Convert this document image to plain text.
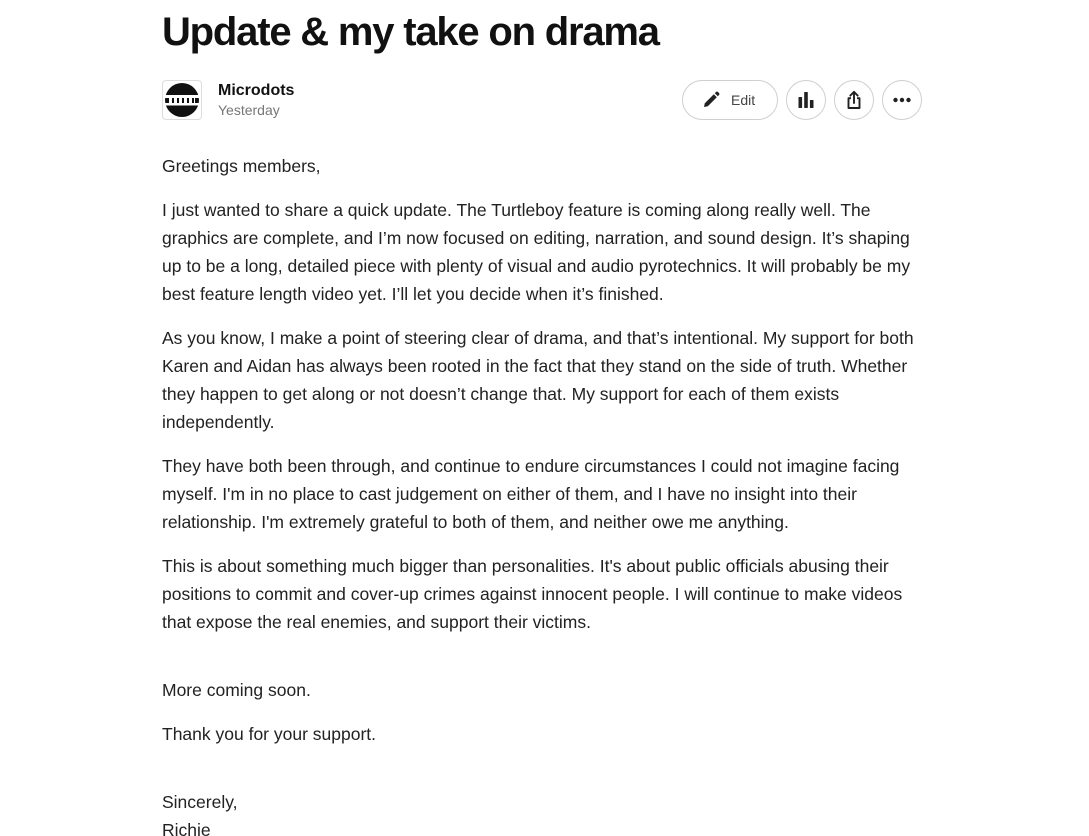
Update & my take on drama
Microdots
Yesterday
Edit

Greetings members,

I just wanted to share a quick update. The Turtleboy feature is coming along really well. The graphics are complete, and I’m now focused on editing, narration, and sound design. It’s shaping up to be a long, detailed piece with plenty of visual and audio pyrotechnics. It will probably be my best feature length video yet. I’ll let you decide when it’s finished.

As you know, I make a point of steering clear of drama, and that’s intentional. My support for both Karen and Aidan has always been rooted in the fact that they stand on the side of truth. Whether they happen to get along or not doesn’t change that. My support for each of them exists independently.

They have both been through, and continue to endure circumstances I could not imagine facing myself. I'm in no place to cast judgement on either of them, and I have no insight into their relationship. I'm extremely grateful to both of them, and neither owe me anything.

This is about something much bigger than personalities. It's about public officials abusing their positions to commit and cover-up crimes against innocent people. I will continue to make videos that expose the real enemies, and support their victims.

More coming soon.

Thank you for your support.

Sincerely,

Richie
